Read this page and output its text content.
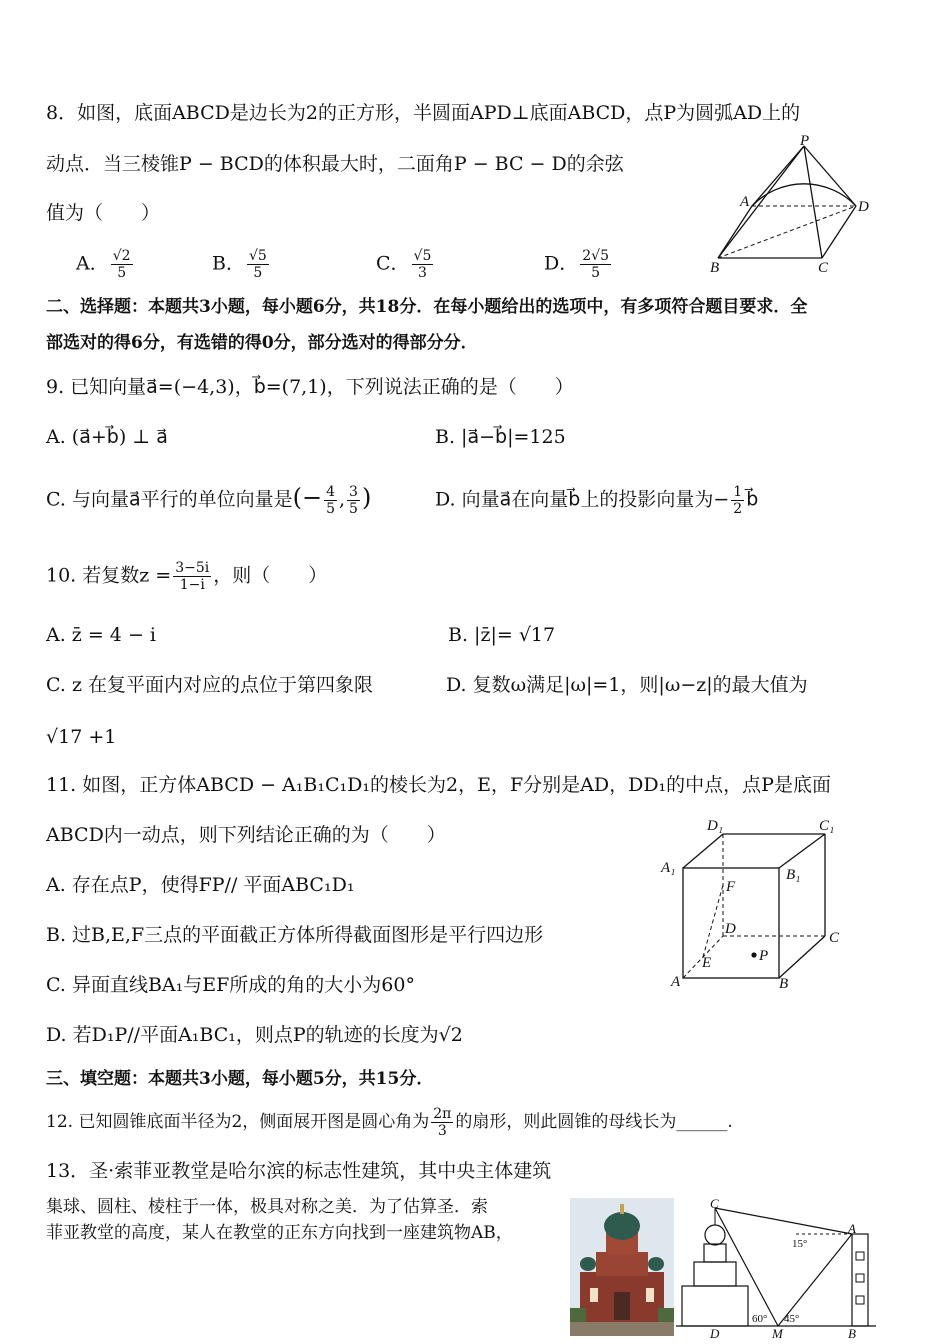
8．如图，底面ABCD是边长为2的正方形，半圆面APD⊥底面ABCD，点P为圆弧AD上的
动点．当三棱锥P − BCD的体积最大时，二面角P − BC − D的余弦
值为（　　）
A． $\frac{√2}{5}$	B． $\frac{√5}{5}$	C． $\frac{√5}{3}$	D． $\frac{2√5}{5}$
P
A	D
B	C
二、选择题：本题共3小题，每小题6分，共18分．在每小题给出的选项中，有多项符合题目要求．全
部选对的得6分，有选错的得0分，部分选对的得部分分．
9. 已知向量a⃗=(−4,3)，b⃗=(7,1)，下列说法正确的是（　　）
A. (a⃗+b⃗) ⊥ a⃗	B. |a⃗−b⃗|=125
C. 与向量a⃗平行的单位向量是(− $\frac{4}{5}$ , $\frac{3}{5}$ )	D. 向量a⃗在向量b⃗上的投影向量为− $\frac{1}{2}$ b⃗
10. 若复数$z = \frac{3-5i}{1-i}$ ，则（　　）
A. z̄ = 4 − i	B. |z̄|= √17
C. z 在复平面内对应的点位于第四象限	D. 复数ω满足|ω|=1，则|ω−z|的最大值为
√17 +1
11. 如图，正方体ABCD − A₁B₁C₁D₁的棱长为2，E，F分别是AD，DD₁的中点，点P是底面
ABCD内一动点，则下列结论正确的为（　　）
A. 存在点P，使得FP// 平面ABC₁D₁
B. 过B,E,F三点的平面截正方体所得截面图形是平行四边形
C. 异面直线BA₁与EF所成的角的大小为60°
D. 若D₁P//平面A₁BC₁，则点P的轨迹的长度为√2
D₁	C₁
A₁	B₁
F
D
C
E	P
A	B
三、填空题：本题共3小题，每小题5分，共15分．
12. 已知圆锥底面半径为2，侧面展开图是圆心角为 $\frac{2\pi}{3}$ 的扇形，则此圆锥的母线长为______.
13．圣·索菲亚教堂是哈尔滨的标志性建筑，其中央主体建筑
集球、圆柱、棱柱于一体，极具对称之美．为了估算圣．索
菲亚教堂的高度，某人在教堂的正东方向找到一座建筑物AB，
C
A
15°
60° 45°
D	M	B
